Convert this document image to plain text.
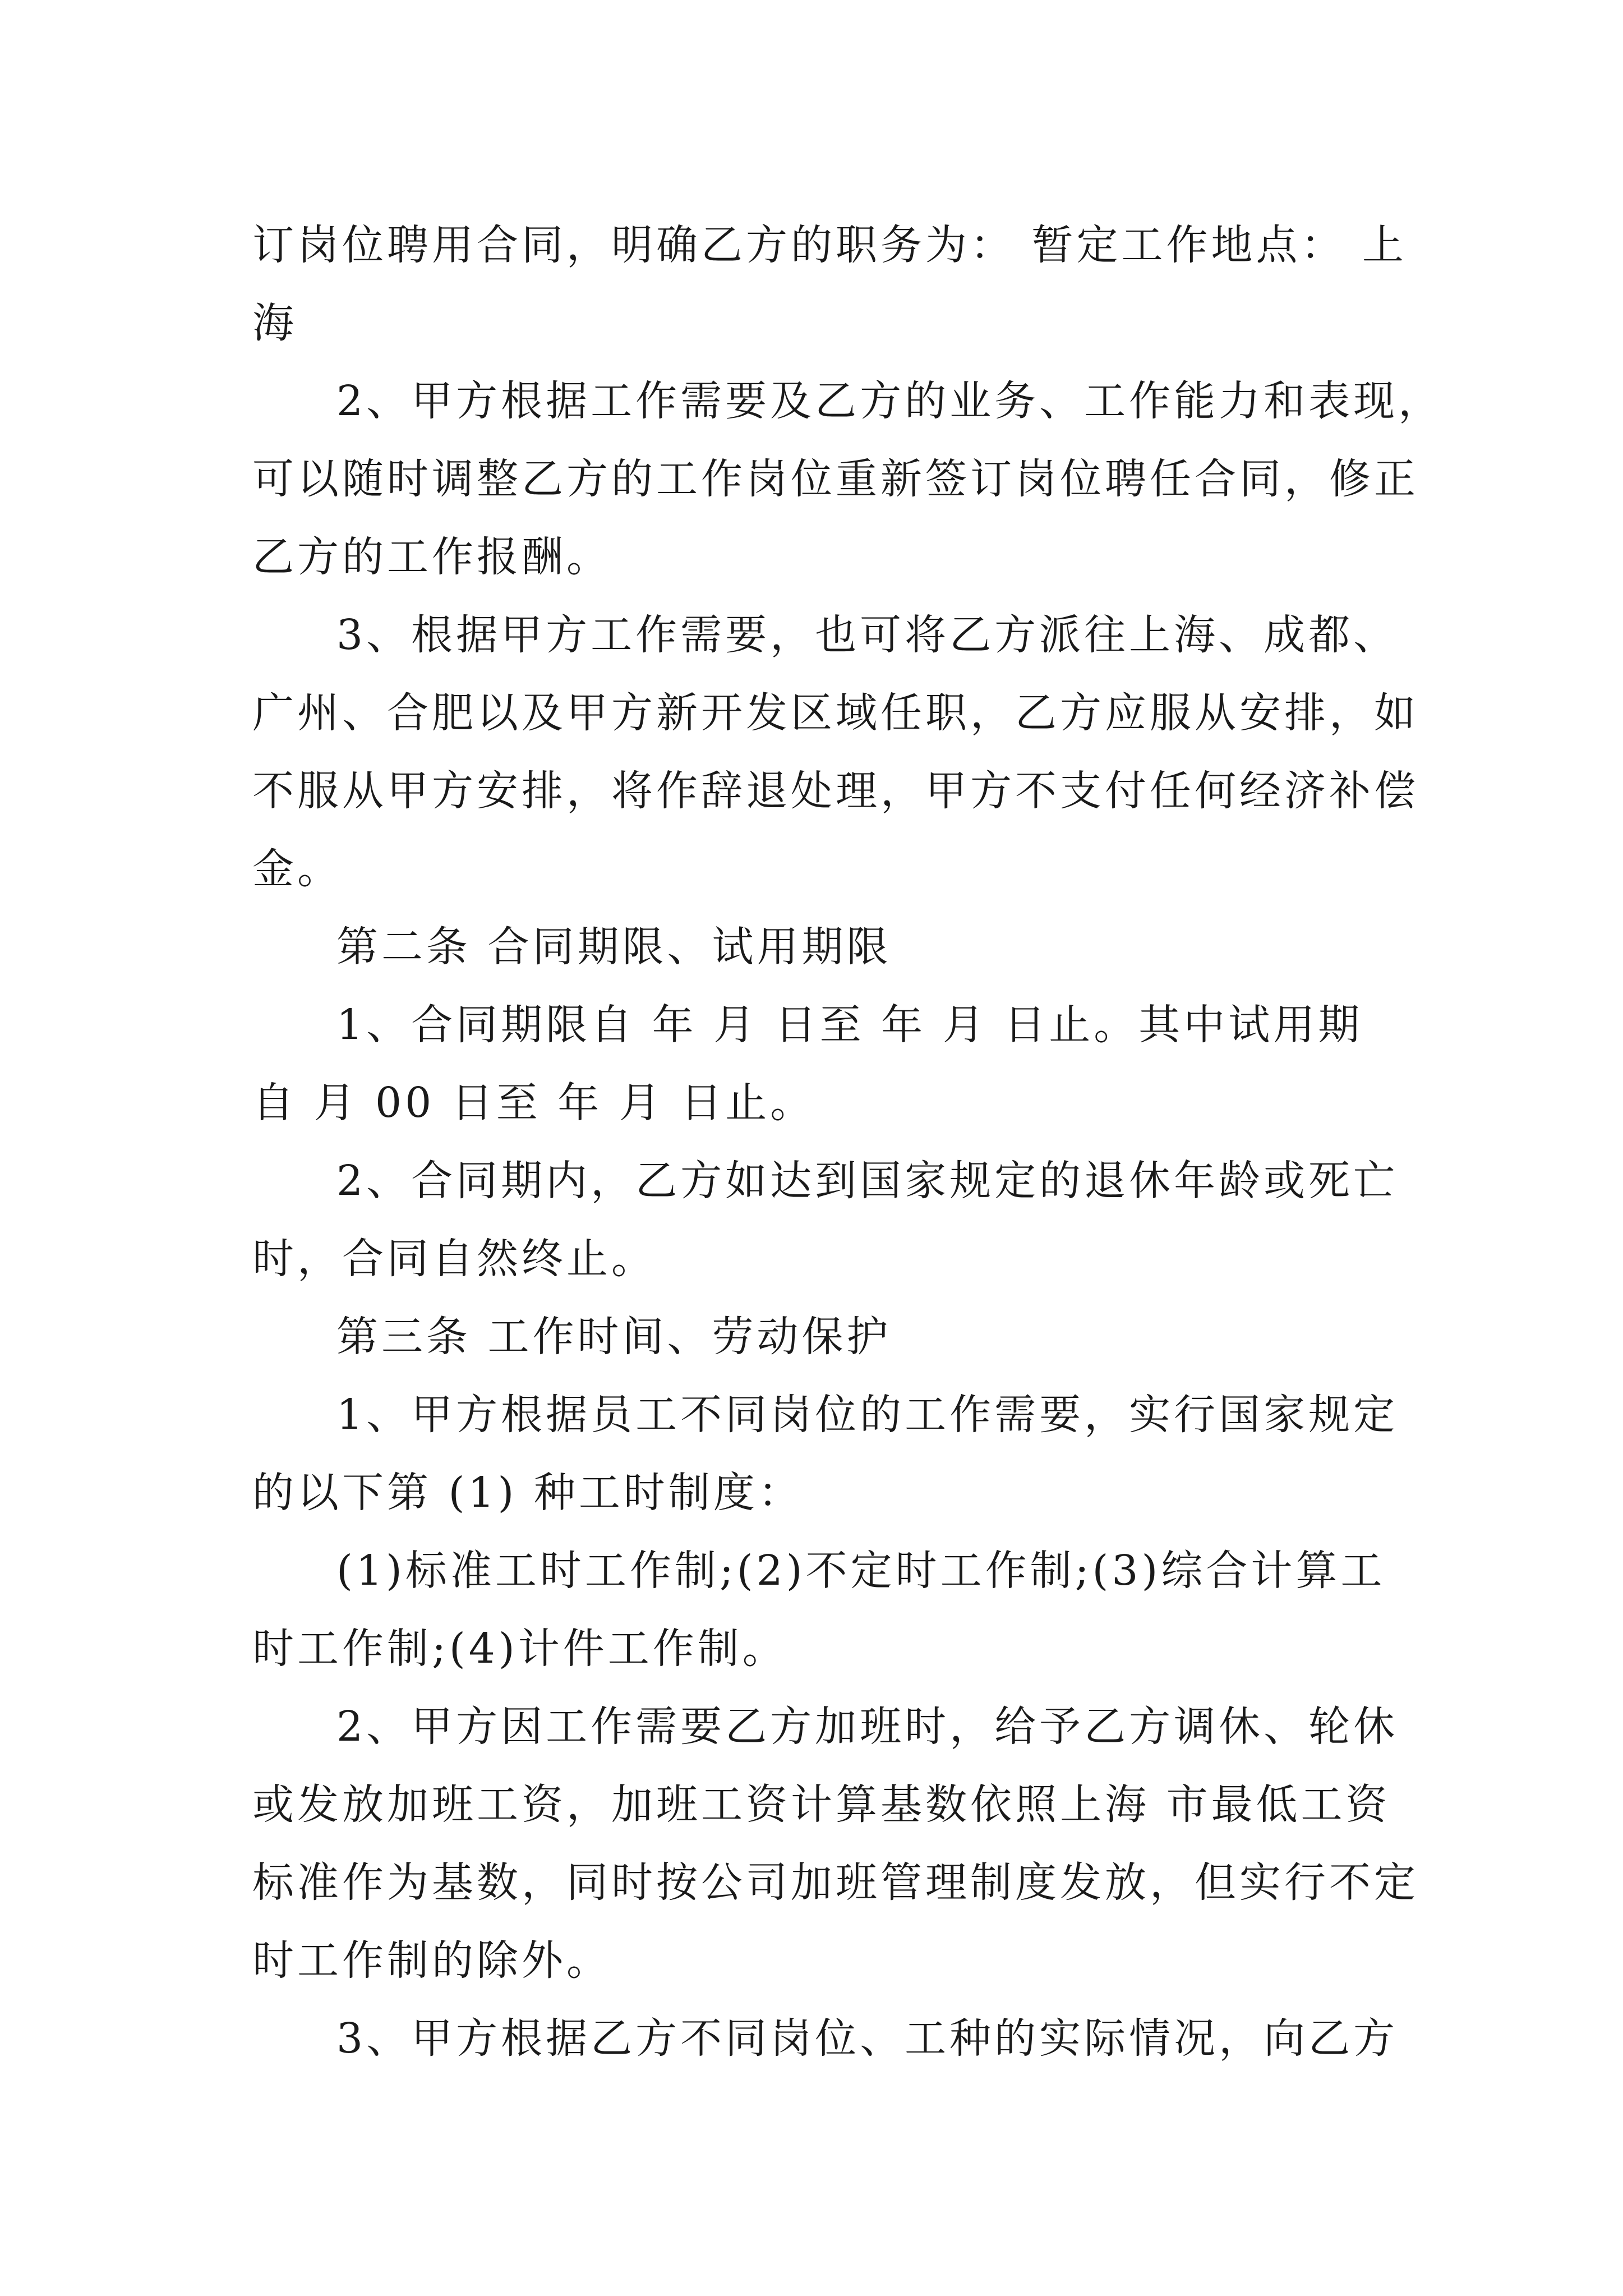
订岗位聘用合同，明确乙方的职务为： 暂定工作地点： 上

海

2、甲方根据工作需要及乙方的业务、工作能力和表现，

可以随时调整乙方的工作岗位重新签订岗位聘任合同，修正

乙方的工作报酬。

3、根据甲方工作需要，也可将乙方派往上海、成都、

广州、合肥以及甲方新开发区域任职，乙方应服从安排，如

不服从甲方安排，将作辞退处理，甲方不支付任何经济补偿

金。

第二条 合同期限、试用期限

1、合同期限自 年 月 日至 年 月 日止。其中试用期

自 月 00 日至 年 月 日止。

2、合同期内，乙方如达到国家规定的退休年龄或死亡

时，合同自然终止。

第三条 工作时间、劳动保护

1、甲方根据员工不同岗位的工作需要，实行国家规定

的以下第 (1) 种工时制度：

(1)标准工时工作制;(2)不定时工作制;(3)综合计算工

时工作制;(4)计件工作制。

2、甲方因工作需要乙方加班时，给予乙方调休、轮休

或发放加班工资，加班工资计算基数依照上海 市最低工资

标准作为基数，同时按公司加班管理制度发放，但实行不定

时工作制的除外。

3、甲方根据乙方不同岗位、工种的实际情况，向乙方
